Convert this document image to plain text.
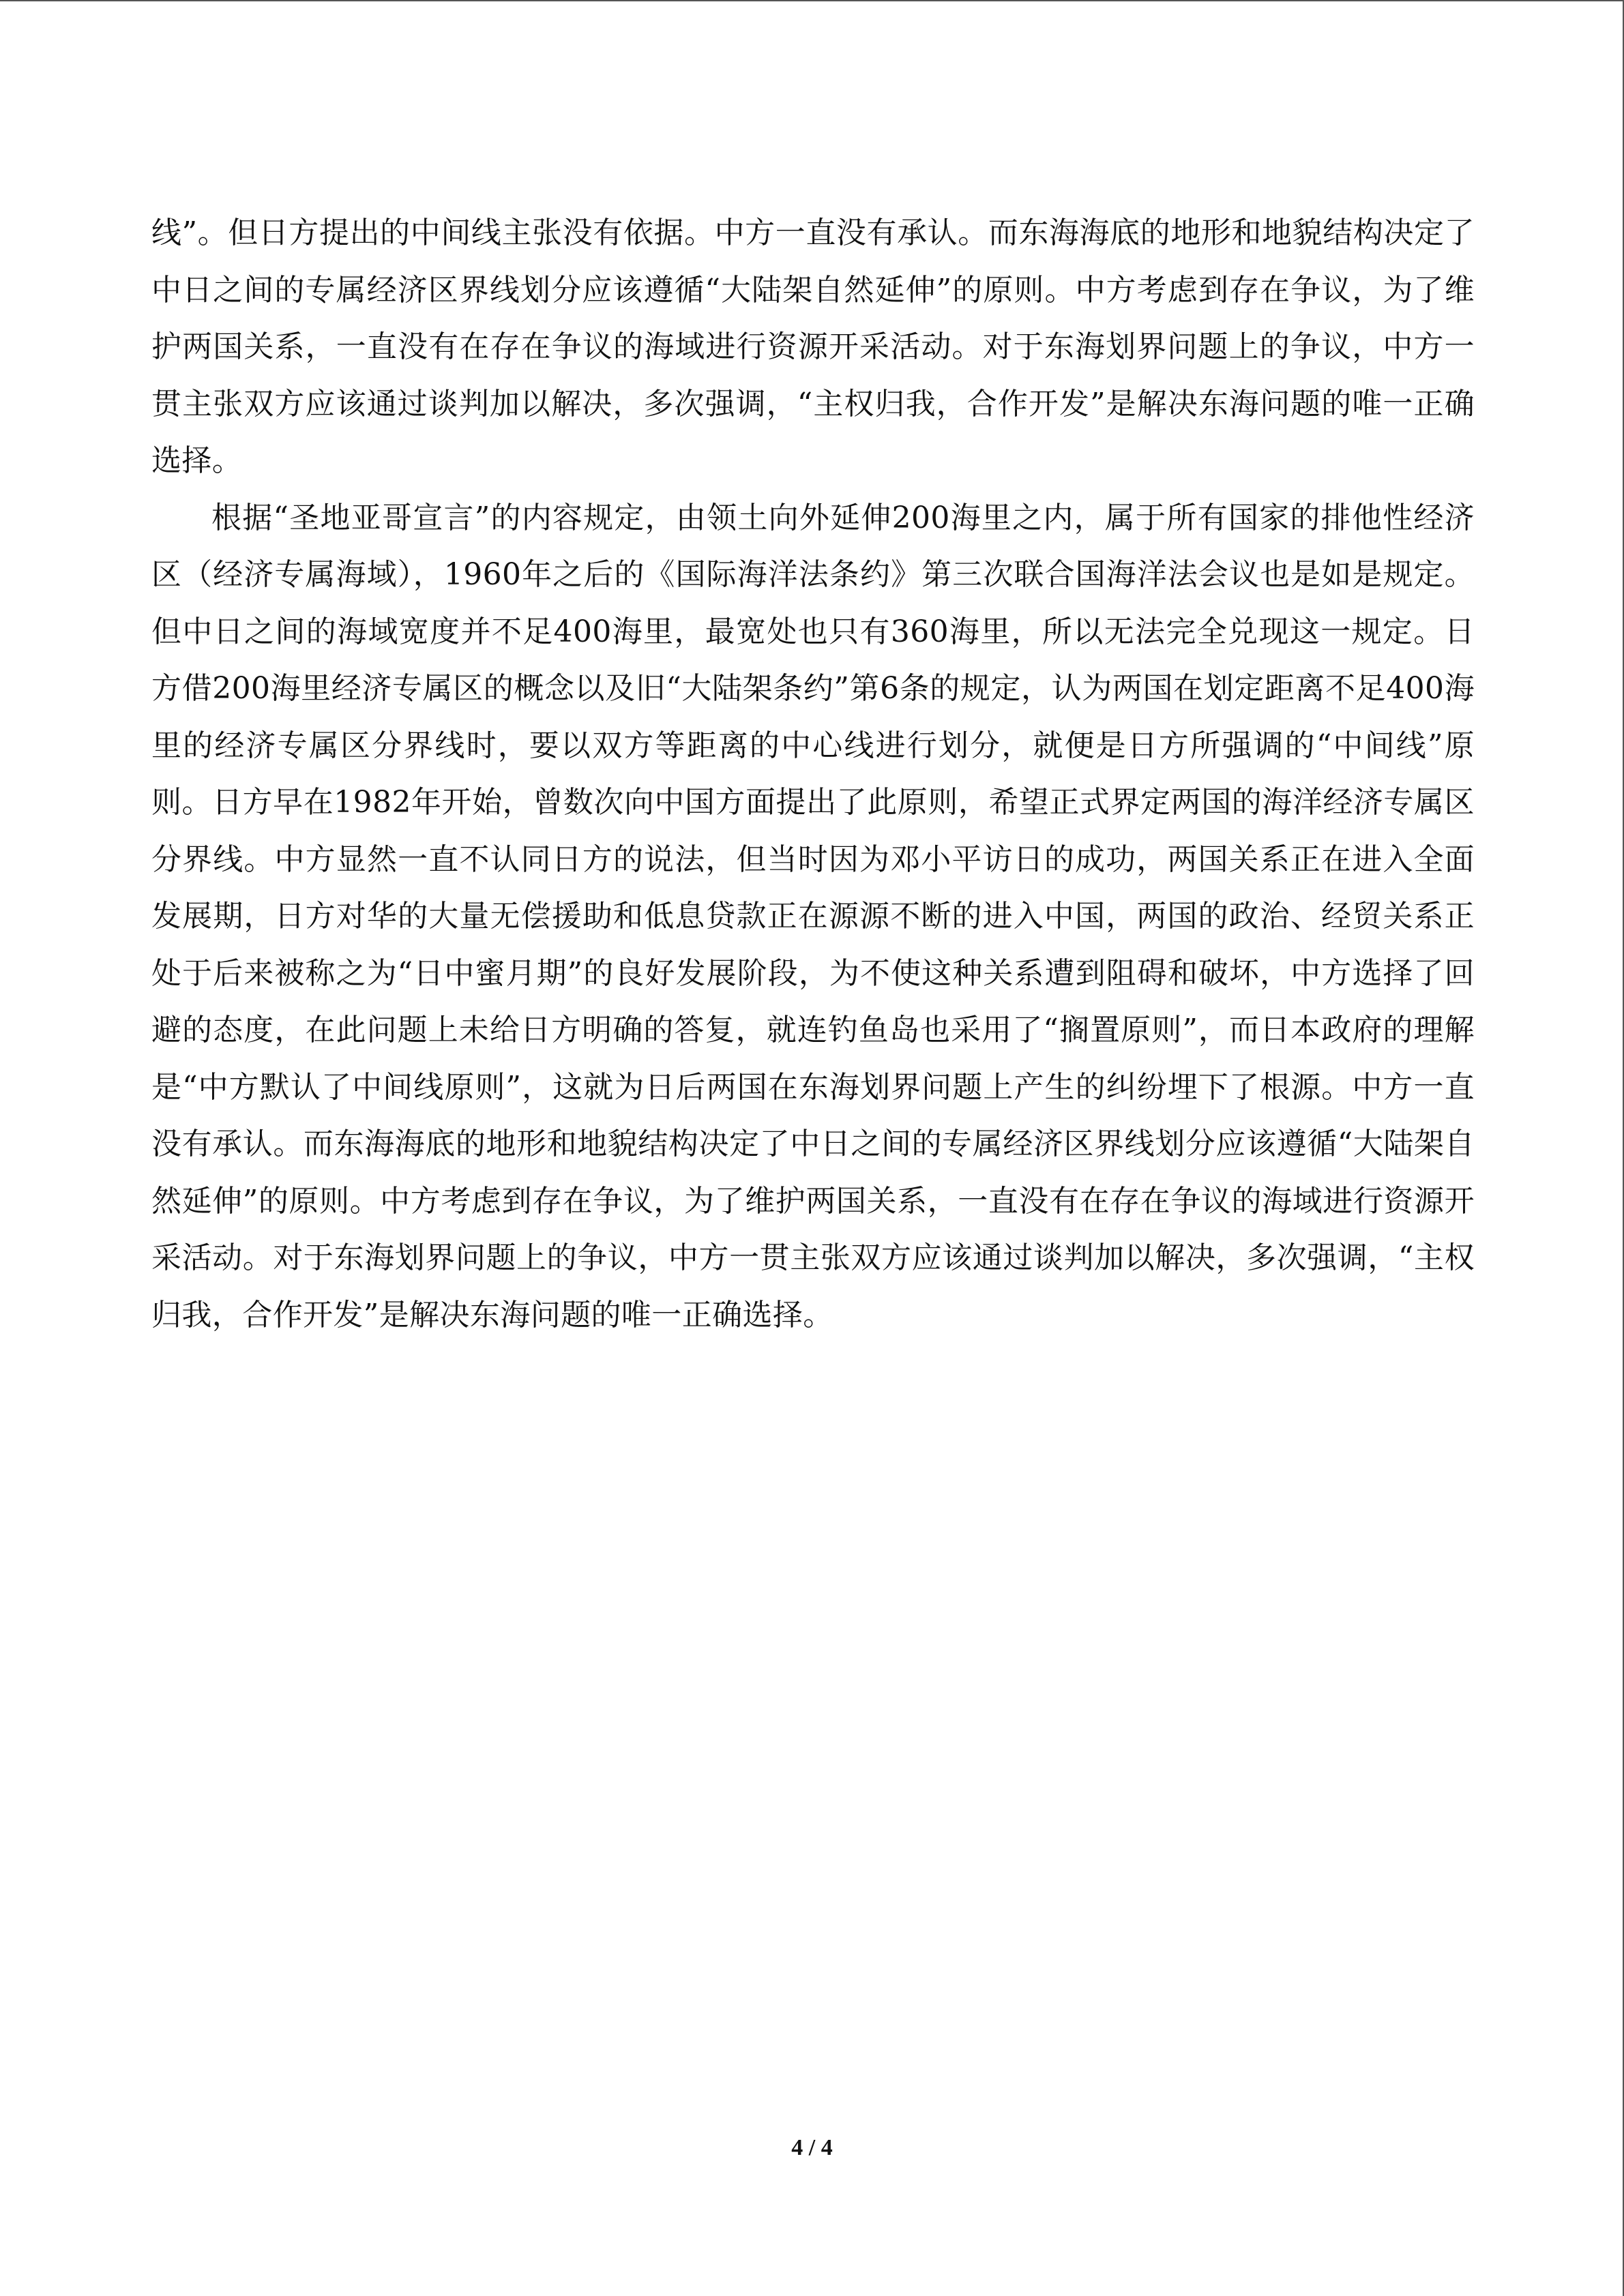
线”。但日方提出的中间线主张没有依据。中方一直没有承认。而东海海底的地形和地貌结构决定了中日之间的专属经济区界线划分应该遵循“大陆架自然延伸”的原则。中方考虑到存在争议，为了维护两国关系，一直没有在存在争议的海域进行资源开采活动。对于东海划界问题上的争议，中方一贯主张双方应该通过谈判加以解决，多次强调，“主权归我，合作开发”是解决东海问题的唯一正确选择。

根据“圣地亚哥宣言”的内容规定，由领土向外延伸200海里之内，属于所有国家的排他性经济区（经济专属海域），1960年之后的《国际海洋法条约》第三次联合国海洋法会议也是如是规定。但中日之间的海域宽度并不足400海里，最宽处也只有360海里，所以无法完全兑现这一规定。日方借200海里经济专属区的概念以及旧“大陆架条约”第6条的规定，认为两国在划定距离不足400海里的经济专属区分界线时，要以双方等距离的中心线进行划分，就便是日方所强调的“中间线”原则。日方早在1982年开始，曾数次向中国方面提出了此原则，希望正式界定两国的海洋经济专属区分界线。中方显然一直不认同日方的说法，但当时因为邓小平访日的成功，两国关系正在进入全面发展期，日方对华的大量无偿援助和低息贷款正在源源不断的进入中国，两国的政治、经贸关系正处于后来被称之为“日中蜜月期”的良好发展阶段，为不使这种关系遭到阻碍和破坏，中方选择了回避的态度，在此问题上未给日方明确的答复，就连钓鱼岛也采用了“搁置原则”，而日本政府的理解是“中方默认了中间线原则”，这就为日后两国在东海划界问题上产生的纠纷埋下了根源。中方一直没有承认。而东海海底的地形和地貌结构决定了中日之间的专属经济区界线划分应该遵循“大陆架自然延伸”的原则。中方考虑到存在争议，为了维护两国关系，一直没有在存在争议的海域进行资源开采活动。对于东海划界问题上的争议，中方一贯主张双方应该通过谈判加以解决，多次强调，“主权归我，合作开发”是解决东海问题的唯一正确选择。

4 / 4
